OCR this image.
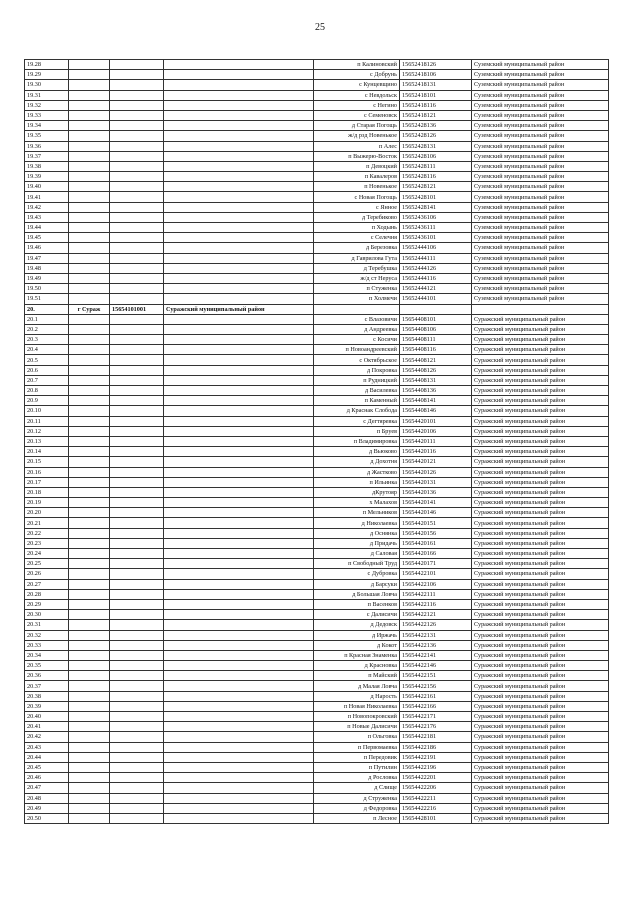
25
19.28				п Калиновский	15652418126	Суземский муниципальный район
19.29				с Добрунь	15652418106	Суземский муниципальный район
19.30				с Кунцевщино	15652418131	Суземский муниципальный район
19.31				с Невдольск	15652418101	Суземский муниципальный район
19.32				с Негино	15652418116	Суземский муниципальный район
19.33				с Семеновск	15652418121	Суземский муниципальный район
19.34				д Старая Погощь	15652428136	Суземский муниципальный район
19.35				ж/д рзд Новенькое	15652428126	Суземский муниципальный район
19.36				п Алес	15652428131	Суземский муниципальный район
19.37				п Выжерю-Восток	15652428106	Суземский муниципальный район
19.38				п Девоцкий	15652428111	Суземский муниципальный район
19.39				п Кавалеров	15652428116	Суземский муниципальный район
19.40				п Новенькое	15652428121	Суземский муниципальный район
19.41				с Новая Погощь	15652428101	Суземский муниципальный район
19.42				с Янное	15652428141	Суземский муниципальный район
19.43				д Теребиково	15652436106	Суземский муниципальный район
19.44				п Ходынь	15652436111	Суземский муниципальный район
19.45				с Селечня	15652436101	Суземский муниципальный район
19.46				д Березовка	15652444106	Суземский муниципальный район
19.47				д Гаврилова Гута	15652444111	Суземский муниципальный район
19.48				д Теребушка	15652444126	Суземский муниципальный район
19.49				ж/д ст Неруса	15652444116	Суземский муниципальный район
19.50				п Стуженка	15652444121	Суземский муниципальный район
19.51				п Холмечи	15652444101	Суземский муниципальный район
20.	г Сураж	15654101001	Суражский муниципальный район			
20.1				с Влазовичи	15654408101	Суражский муниципальный район
20.2				д Андреевка	15654408106	Суражский муниципальный район
20.3				с Косичи	15654408111	Суражский муниципальный район
20.4				п Новоандреевский	15654408116	Суражский муниципальный район
20.5				с Октябрьское	15654408121	Суражский муниципальный район
20.6				д Покровка	15654408126	Суражский муниципальный район
20.7				п Рудницкий	15654408131	Суражский муниципальный район
20.8				д Василевка	15654408136	Суражский муниципальный район
20.9				п Каменный	15654408141	Суражский муниципальный район
20.10				д Краснак Слобода	15654408146	Суражский муниципальный район
20.11				с Дегтяревка	15654420101	Суражский муниципальный район
20.12				п Бруев	15654420106	Суражский муниципальный район
20.13				п Владимировка	15654420111	Суражский муниципальный район
20.14				д Вьюково	15654420116	Суражский муниципальный район
20.15				д Дохотня	15654420121	Суражский муниципальный район
20.16				д Жастково	15654420126	Суражский муниципальный район
20.17				п Ильинка	15654420131	Суражский муниципальный район
20.18				дКрутояр	15654420136	Суражский муниципальный район
20.19				х Малахов	15654420141	Суражский муниципальный район
20.20				п Мельников	15654420146	Суражский муниципальный район
20.21				д Николаевка	15654420151	Суражский муниципальный район
20.22				д Оснянка	15654420156	Суражский муниципальный район
20.23				д Придачь	15654420161	Суражский муниципальный район
20.24				д Саловая	15654420166	Суражский муниципальный район
20.25				п Свободный Труд	15654420171	Суражский муниципальный район
20.26				с Дубровка	15654422101	Суражский муниципальный район
20.27				д Барсуки	15654422106	Суражский муниципальный район
20.28				д Большая Ловча	15654422111	Суражский муниципальный район
20.29				п Васенков	15654422116	Суражский муниципальный район
20.30				с Далисичи	15654422121	Суражский муниципальный район
20.31				д Дедовск	15654422126	Суражский муниципальный район
20.32				д Иржачь	15654422131	Суражский муниципальный район
20.33				д Кокот	15654422136	Суражский муниципальный район
20.34				п Красная Знаменка	15654422141	Суражский муниципальный район
20.35				д Красновка	15654422146	Суражский муниципальный район
20.36				п Майский	15654422151	Суражский муниципальный район
20.37				д Малая Ловча	15654422156	Суражский муниципальный район
20.38				д Нарость	15654422161	Суражский муниципальный район
20.39				п Новая Николаевка	15654422166	Суражский муниципальный район
20.40				п Новопокровский	15654422171	Суражский муниципальный район
20.41				п Новые Далисичи	15654422176	Суражский муниципальный район
20.42				п Ольговка	15654422181	Суражский муниципальный район
20.43				п Первомаевка	15654422186	Суражский муниципальный район
20.44				п Передовик	15654422191	Суражский муниципальный район
20.45				п Путилин	15654422196	Суражский муниципальный район
20.46				д Рословка	15654422201	Суражский муниципальный район
20.47				д Слище	15654422206	Суражский муниципальный район
20.48				д Струженка	15654422211	Суражский муниципальный район
20.49				д Федоровка	15654422216	Суражский муниципальный район
20.50				п Лесное	15654428101	Суражский муниципальный район
